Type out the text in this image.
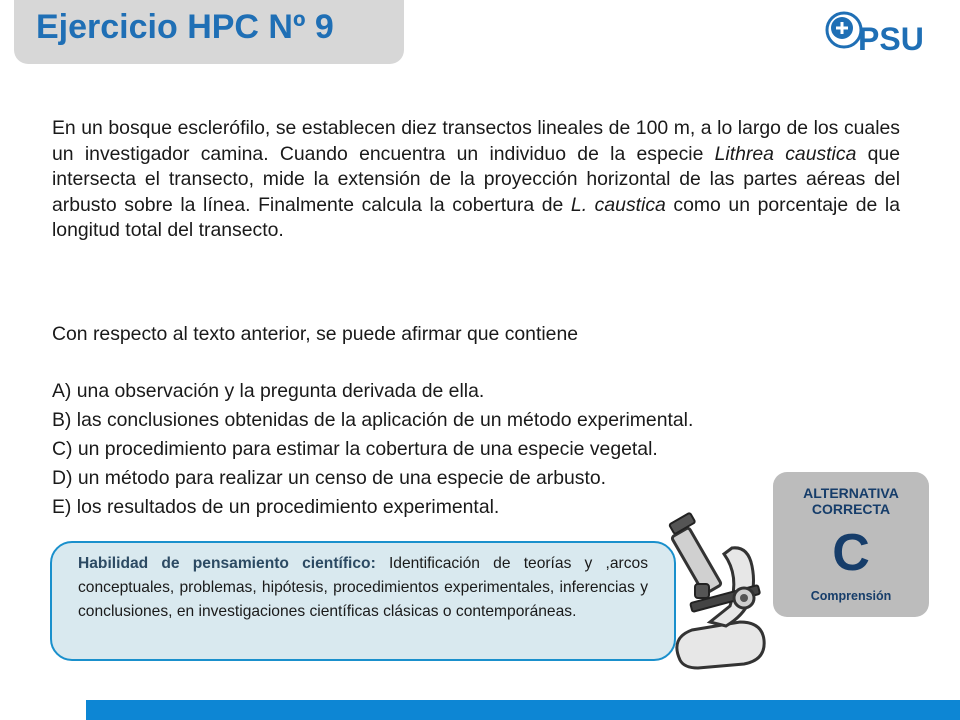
Ejercicio HPC Nº 9	PSU

En un bosque esclerófilo, se establecen diez transectos lineales de 100 m, a lo largo de los cuales un investigador camina. Cuando encuentra un individuo de la especie Lithrea caustica que intersecta el transecto, mide la extensión de la proyección horizontal de las partes aéreas del arbusto sobre la línea. Finalmente calcula la cobertura de L. caustica como un porcentaje de la longitud total del transecto.

Con respecto al texto anterior, se puede afirmar que contiene
A) una observación y la pregunta derivada de ella.
B) las conclusiones obtenidas de la aplicación de un método experimental.
C) un procedimiento para estimar la cobertura de una especie vegetal.
D) un método para realizar un censo de una especie de arbusto.
E) los resultados de un procedimiento experimental.
ALTERNATIVA
CORRECTA
C
Comprensión
Habilidad de pensamiento científico: Identificación de teorías y ,arcos conceptuales, problemas, hipótesis, procedimientos experimentales, inferencias y conclusiones, en investigaciones científicas clásicas o contemporáneas.
